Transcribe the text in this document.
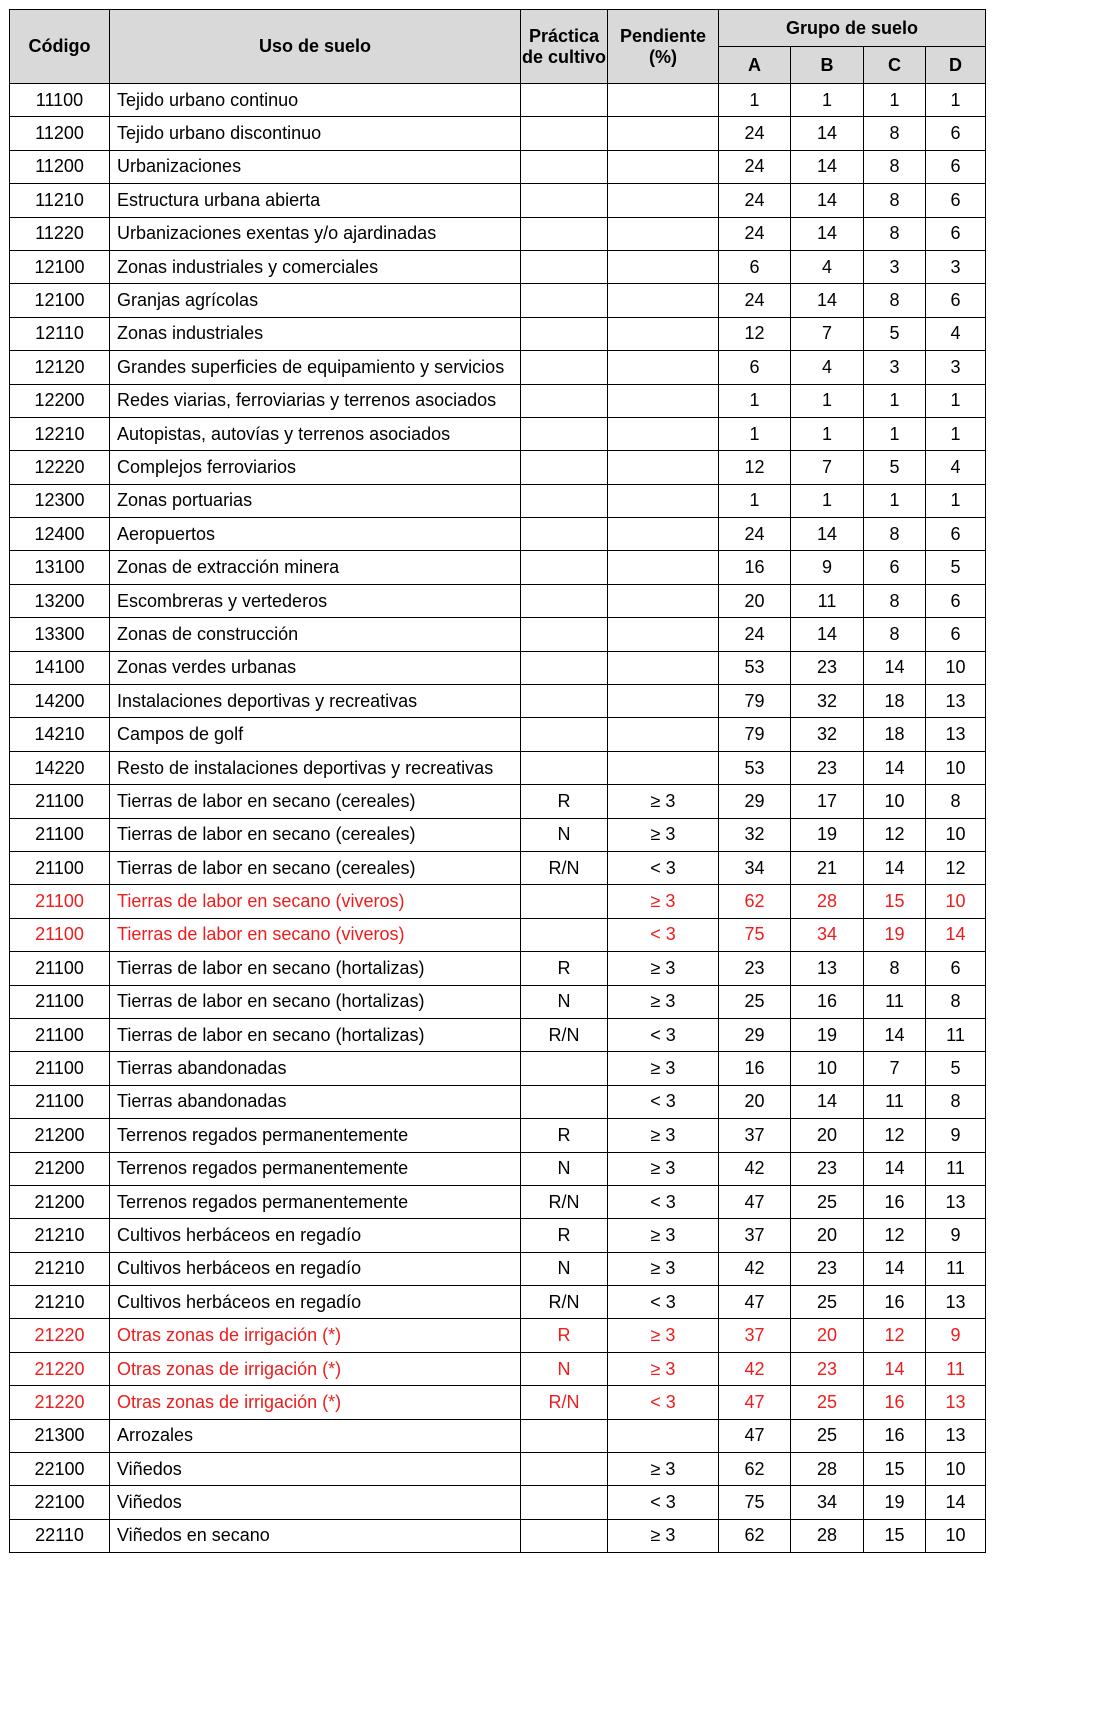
Código	Uso de suelo	Práctica de cultivo	Pendiente (%)	Grupo de suelo			
				A	B	C	D
11100	Tejido urbano continuo			1	1	1	1
11200	Tejido urbano discontinuo			24	14	8	6
11200	Urbanizaciones			24	14	8	6
11210	Estructura urbana abierta			24	14	8	6
11220	Urbanizaciones exentas y/o ajardinadas			24	14	8	6
12100	Zonas industriales y comerciales			6	4	3	3
12100	Granjas agrícolas			24	14	8	6
12110	Zonas industriales			12	7	5	4
12120	Grandes superficies de equipamiento y servicios			6	4	3	3
12200	Redes viarias, ferroviarias y terrenos asociados			1	1	1	1
12210	Autopistas, autovías y terrenos asociados			1	1	1	1
12220	Complejos ferroviarios			12	7	5	4
12300	Zonas portuarias			1	1	1	1
12400	Aeropuertos			24	14	8	6
13100	Zonas de extracción minera			16	9	6	5
13200	Escombreras y vertederos			20	11	8	6
13300	Zonas de construcción			24	14	8	6
14100	Zonas verdes urbanas			53	23	14	10
14200	Instalaciones deportivas y recreativas			79	32	18	13
14210	Campos de golf			79	32	18	13
14220	Resto de instalaciones deportivas y recreativas			53	23	14	10
21100	Tierras de labor en secano (cereales)	R	≥ 3	29	17	10	8
21100	Tierras de labor en secano (cereales)	N	≥ 3	32	19	12	10
21100	Tierras de labor en secano (cereales)	R/N	< 3	34	21	14	12
21100	Tierras de labor en secano (viveros)		≥ 3	62	28	15	10
21100	Tierras de labor en secano (viveros)		< 3	75	34	19	14
21100	Tierras de labor en secano (hortalizas)	R	≥ 3	23	13	8	6
21100	Tierras de labor en secano (hortalizas)	N	≥ 3	25	16	11	8
21100	Tierras de labor en secano (hortalizas)	R/N	< 3	29	19	14	11
21100	Tierras abandonadas		≥ 3	16	10	7	5
21100	Tierras abandonadas		< 3	20	14	11	8
21200	Terrenos regados permanentemente	R	≥ 3	37	20	12	9
21200	Terrenos regados permanentemente	N	≥ 3	42	23	14	11
21200	Terrenos regados permanentemente	R/N	< 3	47	25	16	13
21210	Cultivos herbáceos en regadío	R	≥ 3	37	20	12	9
21210	Cultivos herbáceos en regadío	N	≥ 3	42	23	14	11
21210	Cultivos herbáceos en regadío	R/N	< 3	47	25	16	13
21220	Otras zonas de irrigación (*)	R	≥ 3	37	20	12	9
21220	Otras zonas de irrigación (*)	N	≥ 3	42	23	14	11
21220	Otras zonas de irrigación (*)	R/N	< 3	47	25	16	13
21300	Arrozales			47	25	16	13
22100	Viñedos		≥ 3	62	28	15	10
22100	Viñedos		< 3	75	34	19	14
22110	Viñedos en secano		≥ 3	62	28	15	10
